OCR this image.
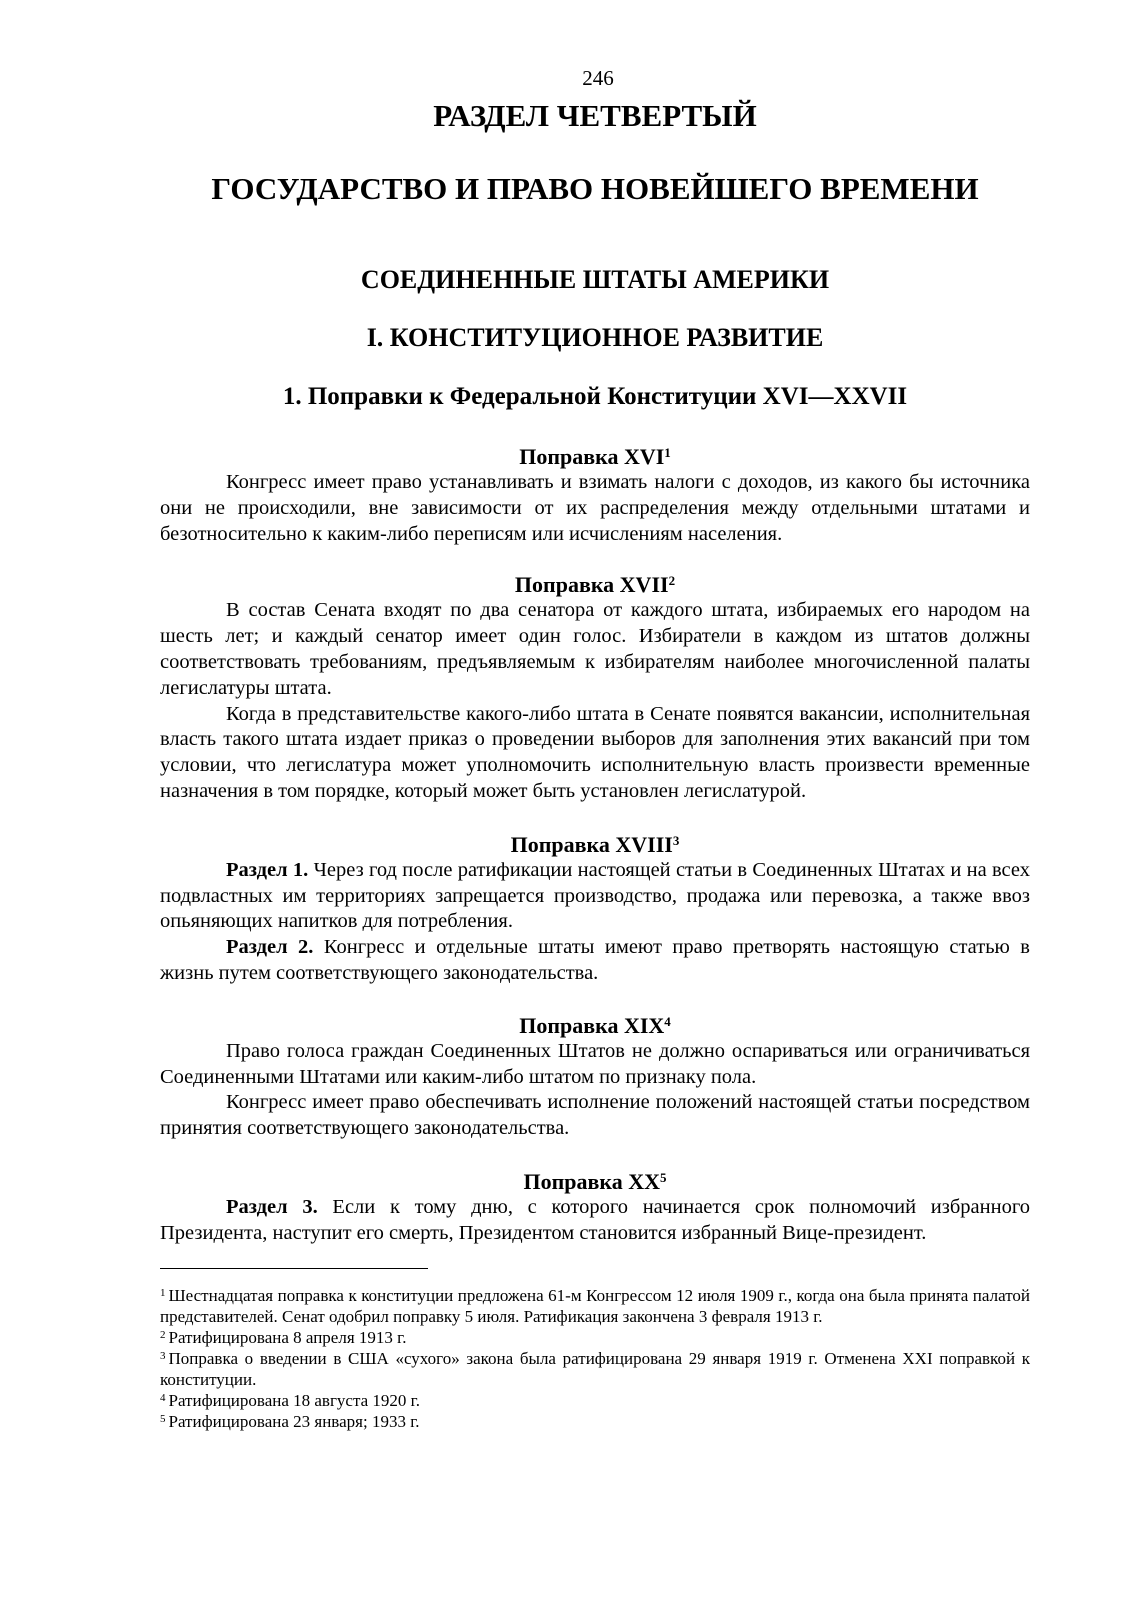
246
РАЗДЕЛ ЧЕТВЕРТЫЙ
ГОСУДАРСТВО И ПРАВО НОВЕЙШЕГО ВРЕМЕНИ
СОЕДИНЕННЫЕ ШТАТЫ АМЕРИКИ
I. КОНСТИТУЦИОННОЕ РАЗВИТИЕ
1. Поправки к Федеральной Конституции XVI—XXVII
Поправка XVI$^1$

Конгресс имеет право устанавливать и взимать налоги с доходов, из какого бы источника они не происходили, вне зависимости от их распределения между отдельными штатами и безотносительно к каким-либо переписям или исчислениям населения.

Поправка XVII$^2$

В состав Сената входят по два сенатора от каждого штата, избираемых его народом на шесть лет; и каждый сенатор имеет один голос. Избиратели в каждом из штатов должны соответствовать требованиям, предъявляемым к избирателям наиболее многочисленной палаты легислатуры штата.

Когда в представительстве какого-либо штата в Сенате появятся вакансии, исполнительная власть такого штата издает приказ о проведении выборов для заполнения этих вакансий при том условии, что легислатура может уполномочить исполнительную власть произвести временные назначения в том порядке, который может быть установлен легислатурой.

Поправка XVIII$^3$

Раздел 1. Через год после ратификации настоящей статьи в Соединенных Штатах и на всех подвластных им территориях запрещается производство, продажа или перевозка, а также ввоз опьяняющих напитков для потребления.

Раздел 2. Конгресс и отдельные штаты имеют право претворять настоящую статью в жизнь путем соответствующего законодательства.

Поправка XIX$^4$

Право голоса граждан Соединенных Штатов не должно оспариваться или ограничиваться Соединенными Штатами или каким-либо штатом по признаку пола.

Конгресс имеет право обеспечивать исполнение положений настоящей статьи посредством принятия соответствующего законодательства.

Поправка $XX^5$

Раздел 3. Если к тому дню, с которого начинается срок полномочий избранного Президента, наступит его смерть, Президентом становится избранный Вице-президент.

$^1$ Шестнадцатая поправка к конституции предложена 61-м Конгрессом 12 июля 1909 г., когда она была принята палатой представителей. Сенат одобрил поправку 5 июля. Ратификация закончена 3 февраля 1913 г.

$^2$ Ратифицирована 8 апреля 1913 г.

$^3$ Поправка о введении в США «сухого» закона была ратифицирована 29 января 1919 г. Отменена XXI поправкой к конституции.

$^4$ Ратифицирована 18 августа 1920 г.

$^5$ Ратифицирована 23 января; 1933 г.
